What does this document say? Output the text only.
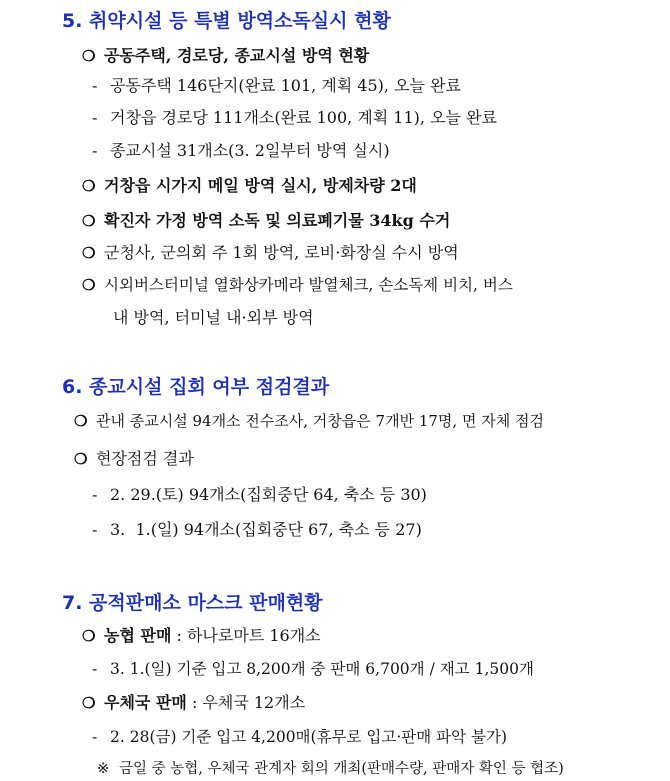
5. 취약시설 등 특별 방역소독실시 현황
❍ 공동주택, 경로당, 종교시설 방역 현황
- 공동주택 146단지(완료 101, 계획 45), 오늘 완료
- 거창읍 경로당 111개소(완료 100, 계획 11), 오늘 완료
- 종교시설 31개소(3. 2일부터 방역 실시)
❍ 거창읍 시가지 메일 방역 실시, 방제차량 2대
❍ 확진자 가정 방역 소독 및 의료폐기물 34kg 수거
❍ 군청사, 군의회 주 1회 방역, 로비·화장실 수시 방역
❍ 시외버스터미널 열화상카메라 발열체크, 손소독제 비치, 버스
내 방역, 터미널 내·외부 방역
6. 종교시설 집회 여부 점검결과
❍ 관내 종교시설 94개소 전수조사, 거창읍은 7개반 17명, 면 자체 점검
❍ 현장점검 결과
- 2. 29.(토) 94개소(집회중단 64, 축소 등 30)
- 3.  1.(일) 94개소(집회중단 67, 축소 등 27)
7. 공적판매소 마스크 판매현황
❍ 농협 판매 : 하나로마트 16개소
- 3. 1.(일) 기준 입고 8,200개 중 판매 6,700개 / 재고 1,500개
❍ 우체국 판매 : 우체국 12개소
- 2. 28(금) 기준 입고 4,200매(휴무로 입고·판매 파악 불가)
※ 금일 중 농협, 우체국 관계자 회의 개최(판매수량, 판매자 확인 등 협조)
